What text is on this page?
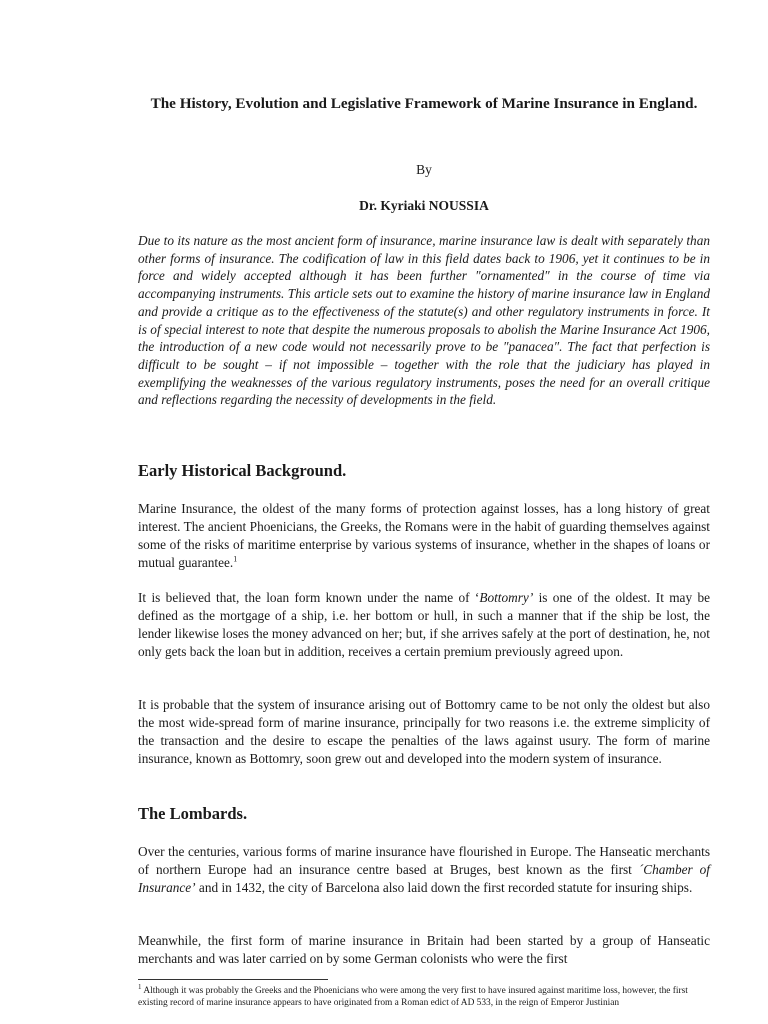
The History, Evolution and Legislative Framework of Marine Insurance in England.
By
Dr. Kyriaki NOUSSIA

Due to its nature as the most ancient form of insurance, marine insurance law is dealt with separately than other forms of insurance. The codification of law in this field dates back to 1906, yet it continues to be in force and widely accepted although it has been further ″ornamented″ in the course of time via accompanying instruments. This article sets out to examine the history of marine insurance law in England and provide a critique as to the effectiveness of the statute(s) and other regulatory instruments in force. It is of special interest to note that despite the numerous proposals to abolish the Marine Insurance Act 1906, the introduction of a new code would not necessarily prove to be ″panacea″. The fact that perfection is difficult to be sought – if not impossible – together with the role that the judiciary has played in exemplifying the weaknesses of the various regulatory instruments, poses the need for an overall critique and reflections regarding the necessity of developments in the field.

Early Historical Background.

Marine Insurance, the oldest of the many forms of protection against losses, has a long history of great interest. The ancient Phoenicians, the Greeks, the Romans were in the habit of guarding themselves against some of the risks of maritime enterprise by various systems of insurance, whether in the shapes of loans or mutual guarantee.$^1$

It is believed that, the loan form known under the name of ‘Bottomry’ is one of the oldest. It may be defined as the mortgage of a ship, i.e. her bottom or hull, in such a manner that if the ship be lost, the lender likewise loses the money advanced on her; but, if she arrives safely at the port of destination, he, not only gets back the loan but in addition, receives a certain premium previously agreed upon.

It is probable that the system of insurance arising out of Bottomry came to be not only the oldest but also the most wide-spread form of marine insurance, principally for two reasons i.e. the extreme simplicity of the transaction and the desire to escape the penalties of the laws against usury. The form of marine insurance, known as Bottomry, soon grew out and developed into the modern system of insurance.

The Lombards.

Over the centuries, various forms of marine insurance have flourished in Europe. The Hanseatic merchants of northern Europe had an insurance centre based at Bruges, best known as the first ´Chamber of Insurance’ and in 1432, the city of Barcelona also laid down the first recorded statute for insuring ships.

Meanwhile, the first form of marine insurance in Britain had been started by a group of Hanseatic merchants and was later carried on by some German colonists who were the first

$^1$ Although it was probably the Greeks and the Phoenicians who were among the very first to have insured against maritime loss, however, the first existing record of marine insurance appears to have originated from a Roman edict of AD 533, in the reign of Emperor Justinian
